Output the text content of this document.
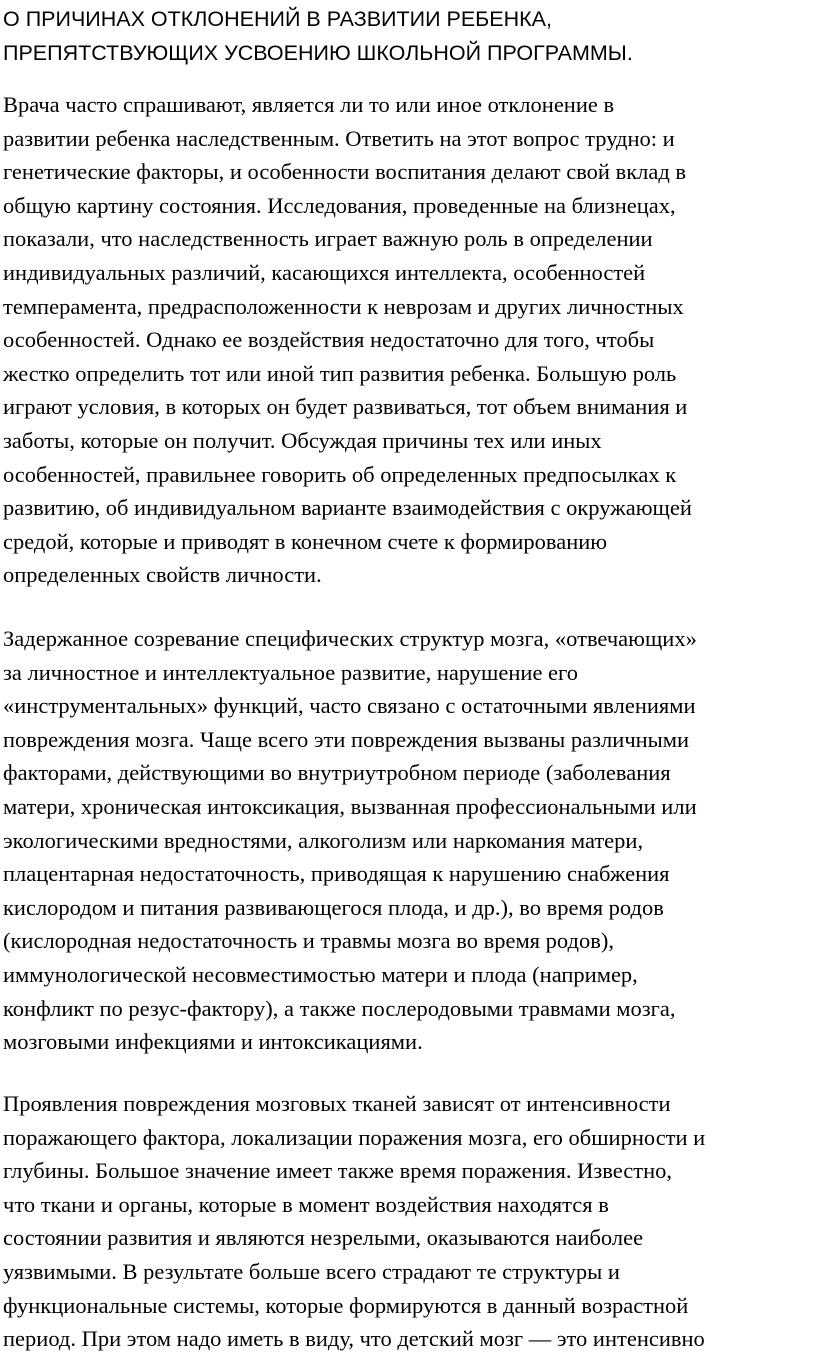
О ПРИЧИНАХ ОТКЛОНЕНИЙ В РАЗВИТИИ РЕБЕНКА,
ПРЕПЯТСТВУЮЩИХ УСВОЕНИЮ ШКОЛЬНОЙ ПРОГРАММЫ.

Врача часто спрашивают, является ли то или иное отклонение в
развитии ребенка наследственным. Ответить на этот вопрос трудно: и
генетические факторы, и особенности воспитания делают свой вклад в
общую картину состояния. Исследования, проведенные на близнецах,
показали, что наследственность играет важную роль в определении
индивидуальных различий, касающихся интеллекта, особенностей
темперамента, предрасположенности к неврозам и других личностных
особенностей. Однако ее воздействия недостаточно для того, чтобы
жестко определить тот или иной тип развития ребенка. Большую роль
играют условия, в которых он будет развиваться, тот объем внимания и
заботы, которые он получит. Обсуждая причины тех или иных
особенностей, правильнее говорить об определенных предпосылках к
развитию, об индивидуальном варианте взаимодействия с окружающей
средой, которые и приводят в конечном счете к формированию
определенных свойств личности.

Задержанное созревание специфических структур мозга, «отвечающих»
за личностное и интеллектуальное развитие, нарушение его
«инструментальных» функций, часто связано с остаточными явлениями
повреждения мозга. Чаще всего эти повреждения вызваны различными
факторами, действующими во внутриутробном периоде (заболевания
матери, хроническая интоксикация, вызванная профессиональными или
экологическими вредностями, алкоголизм или наркомания матери,
плацентарная недостаточность, приводящая к нарушению снабжения
кислородом и питания развивающегося плода, и др.), во время родов
(кислородная недостаточность и травмы мозга во время родов),
иммунологической несовместимостью матери и плода (например,
конфликт по резус-фактору), а также послеродовыми травмами мозга,
мозговыми инфекциями и интоксикациями.

Проявления повреждения мозговых тканей зависят от интенсивности
поражающего фактора, локализации поражения мозга, его обширности и
глубины. Большое значение имеет также время поражения. Известно,
что ткани и органы, которые в момент воздействия находятся в
состоянии развития и являются незрелыми, оказываются наиболее
уязвимыми. В результате больше всего страдают те структуры и
функциональные системы, которые формируются в данный возрастной
период. При этом надо иметь в виду, что детский мозг — это интенсивно
